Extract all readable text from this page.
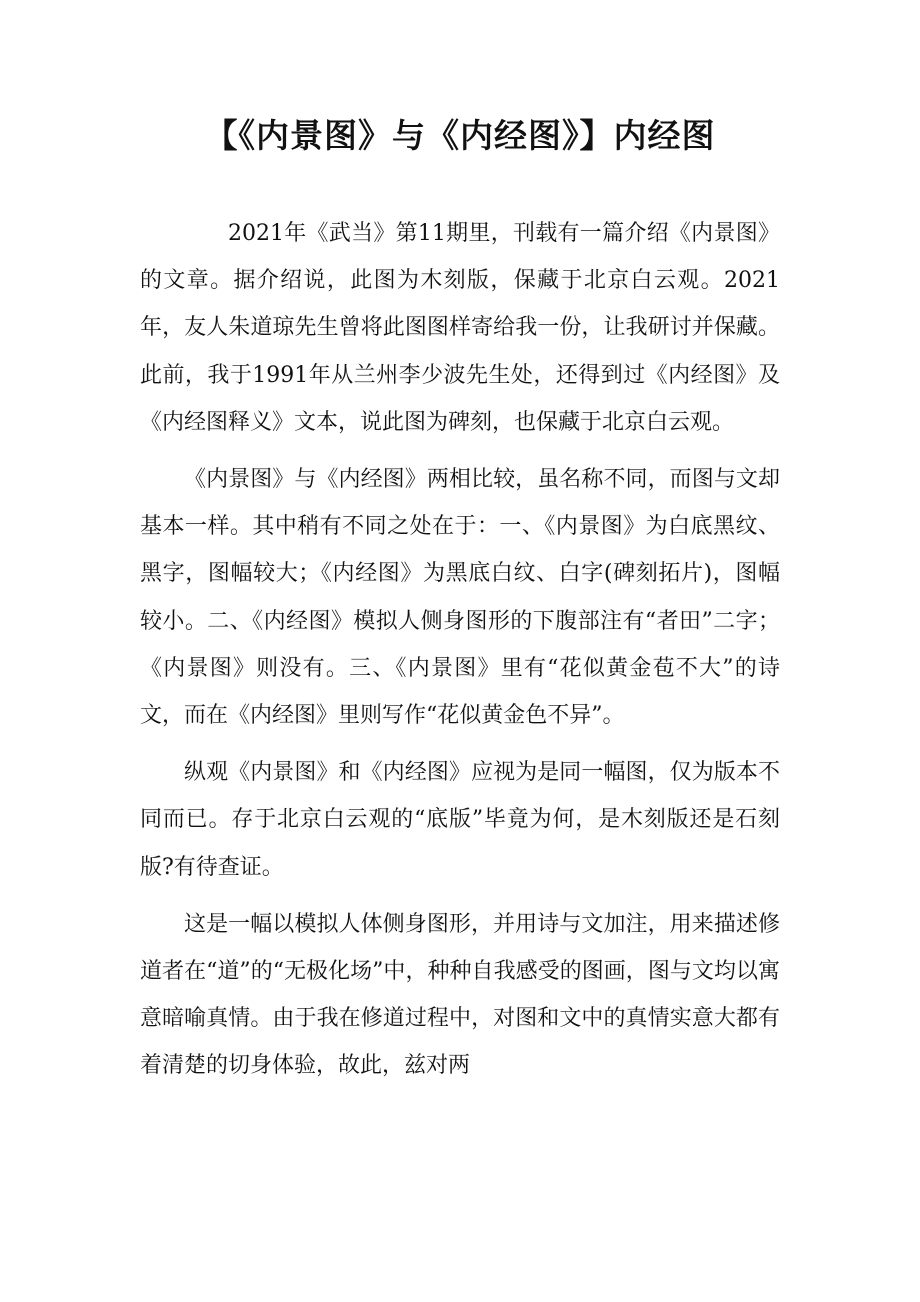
【《内景图》与《内经图》】内经图

2021年《武当》第11期里，刊载有一篇介绍《内景图》的文章。据介绍说，此图为木刻版，保藏于北京白云观。2021年，友人朱道琼先生曾将此图图样寄给我一份，让我研讨并保藏。此前，我于1991年从兰州李少波先生处，还得到过《内经图》及《内经图释义》文本，说此图为碑刻，也保藏于北京白云观。

《内景图》与《内经图》两相比较，虽名称不同，而图与文却基本一样。其中稍有不同之处在于：一、《内景图》为白底黑纹、黑字，图幅较大；《内经图》为黑底白纹、白字(碑刻拓片)，图幅较小。二、《内经图》模拟人侧身图形的下腹部注有“者田”二字；《内景图》则没有。三、《内景图》里有“花似黄金苞不大”的诗文，而在《内经图》里则写作“花似黄金色不异”。

纵观《内景图》和《内经图》应视为是同一幅图，仅为版本不同而已。存于北京白云观的“底版”毕竟为何，是木刻版还是石刻版?有待查证。

这是一幅以模拟人体侧身图形，并用诗与文加注，用来描述修道者在“道”的“无极化场”中，种种自我感受的图画，图与文均以寓意暗喻真情。由于我在修道过程中，对图和文中的真情实意大都有着清楚的切身体验，故此，兹对两
